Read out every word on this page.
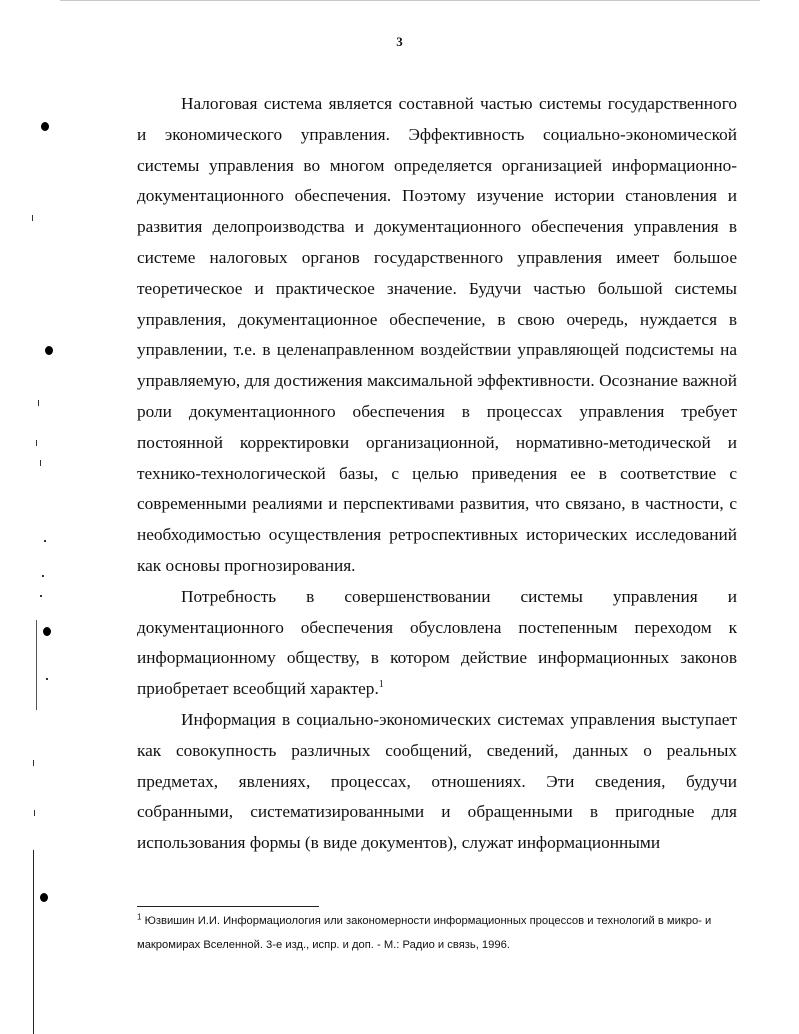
3

Налоговая система является составной частью системы государственного и экономического управления. Эффективность социально-экономической системы управления во многом определяется организацией информационно-документационного обеспечения. Поэтому изучение истории становления и развития делопроизводства и документационного обеспечения управления в системе налоговых органов государственного управления имеет большое теоретическое и практическое значение. Будучи частью большой системы управления, документационное обеспечение, в свою очередь, нуждается в управлении, т.е. в целенаправленном воздействии управляющей подсистемы на управляемую, для достижения максимальной эффективности. Осознание важной роли документационного обеспечения в процессах управления требует постоянной корректировки организационной, нормативно-методической и технико-технологической базы, с целью приведения ее в соответствие с современными реалиями и перспективами развития, что связано, в частности, с необходимостью осуществления ретроспективных исторических исследований как основы прогнозирования.

Потребность в совершенствовании системы управления и документационного обеспечения обусловлена постепенным переходом к информационному обществу, в котором действие информационных законов приобретает всеобщий характер.$^1$

Информация в социально-экономических системах управления выступает как совокупность различных сообщений, сведений, данных о реальных предметах, явлениях, процессах, отношениях. Эти сведения, будучи собранными, систематизированными и обращенными в пригодные для использования формы (в виде документов), служат информационными

$^1$ Юзвишин И.И. Информациология или закономерности информационных процессов и технологий в микро- и макромирах Вселенной. 3-е изд., испр. и доп. - М.: Радио и связь, 1996.
